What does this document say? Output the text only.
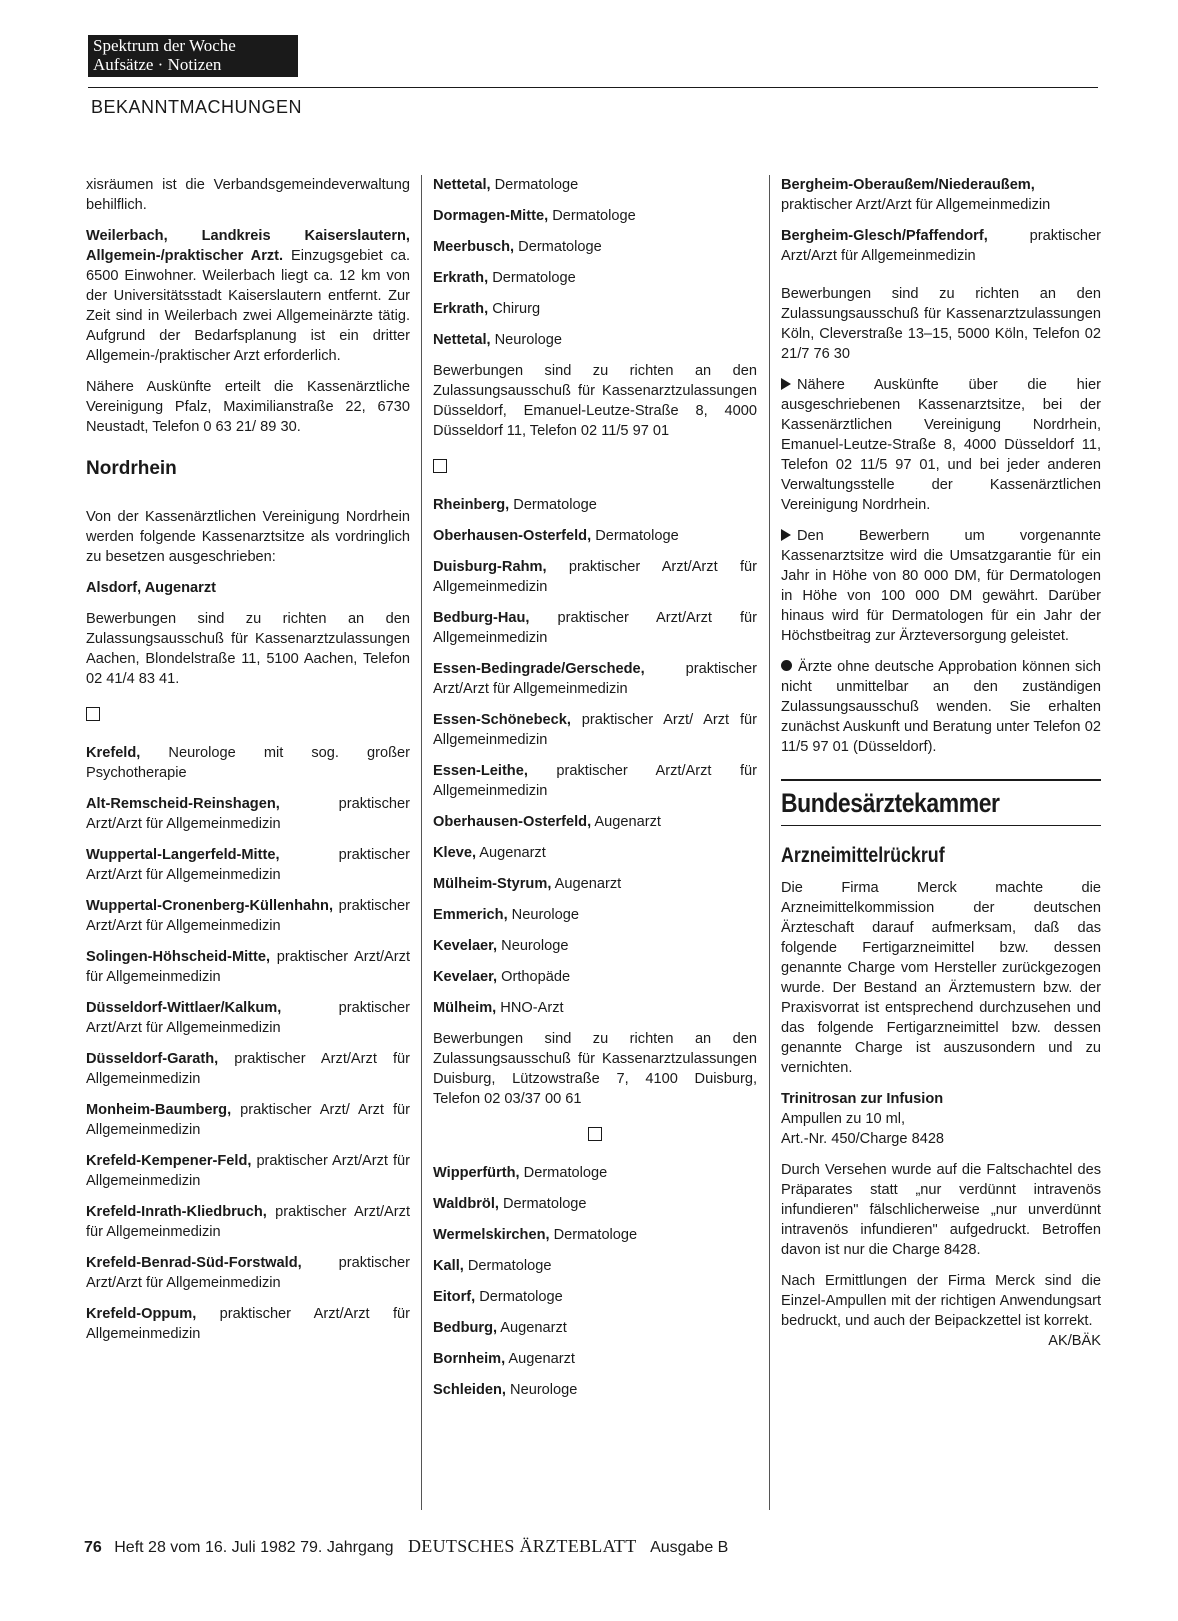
Spektrum der Woche
Aufsätze · Notizen
BEKANNTMACHUNGEN

xisräumen ist die Verbandsgemeindeverwaltung behilflich.

Weilerbach, Landkreis Kaiserslautern, Allgemein-/praktischer Arzt. Einzugsgebiet ca. 6500 Einwohner. Weilerbach liegt ca. 12 km von der Universitätsstadt Kaiserslautern entfernt. Zur Zeit sind in Weilerbach zwei Allgemeinärzte tätig. Aufgrund der Bedarfsplanung ist ein dritter Allgemein-/praktischer Arzt erforderlich.

Nähere Auskünfte erteilt die Kassenärztliche Vereinigung Pfalz, Maximilianstraße 22, 6730 Neustadt, Telefon 0 63 21/ 89 30.

Nordrhein

Von der Kassenärztlichen Vereinigung Nordrhein werden folgende Kassenarztsitze als vordringlich zu besetzen ausgeschrieben:

Alsdorf, Augenarzt

Bewerbungen sind zu richten an den Zulassungsausschuß für Kassenarztzulassungen Aachen, Blondelstraße 11, 5100 Aachen, Telefon 02 41/4 83 41.

Krefeld, Neurologe mit sog. großer Psychotherapie

Alt-Remscheid-Reinshagen, praktischer Arzt/Arzt für Allgemeinmedizin

Wuppertal-Langerfeld-Mitte, praktischer Arzt/Arzt für Allgemeinmedizin

Wuppertal-Cronenberg-Küllenhahn, praktischer Arzt/Arzt für Allgemeinmedizin

Solingen-Höhscheid-Mitte, praktischer Arzt/Arzt für Allgemeinmedizin

Düsseldorf-Wittlaer/Kalkum, praktischer Arzt/Arzt für Allgemeinmedizin

Düsseldorf-Garath, praktischer Arzt/Arzt für Allgemeinmedizin

Monheim-Baumberg, praktischer Arzt/ Arzt für Allgemeinmedizin

Krefeld-Kempener-Feld, praktischer Arzt/Arzt für Allgemeinmedizin

Krefeld-Inrath-Kliedbruch, praktischer Arzt/Arzt für Allgemeinmedizin

Krefeld-Benrad-Süd-Forstwald, praktischer Arzt/Arzt für Allgemeinmedizin

Krefeld-Oppum, praktischer Arzt/Arzt für Allgemeinmedizin

Nettetal, Dermatologe

Dormagen-Mitte, Dermatologe

Meerbusch, Dermatologe

Erkrath, Dermatologe

Erkrath, Chirurg

Nettetal, Neurologe

Bewerbungen sind zu richten an den Zulassungsausschuß für Kassenarztzulassungen Düsseldorf, Emanuel-Leutze-Straße 8, 4000 Düsseldorf 11, Telefon 02 11/5 97 01

Rheinberg, Dermatologe

Oberhausen-Osterfeld, Dermatologe

Duisburg-Rahm, praktischer Arzt/Arzt für Allgemeinmedizin

Bedburg-Hau, praktischer Arzt/Arzt für Allgemeinmedizin

Essen-Bedingrade/Gerschede, praktischer Arzt/Arzt für Allgemeinmedizin

Essen-Schönebeck, praktischer Arzt/ Arzt für Allgemeinmedizin

Essen-Leithe, praktischer Arzt/Arzt für Allgemeinmedizin

Oberhausen-Osterfeld, Augenarzt

Kleve, Augenarzt

Mülheim-Styrum, Augenarzt

Emmerich, Neurologe

Kevelaer, Neurologe

Kevelaer, Orthopäde

Mülheim, HNO-Arzt

Bewerbungen sind zu richten an den Zulassungsausschuß für Kassenarztzulassungen Duisburg, Lützowstraße 7, 4100 Duisburg, Telefon 02 03/37 00 61

Wipperfürth, Dermatologe

Waldbröl, Dermatologe

Wermelskirchen, Dermatologe

Kall, Dermatologe

Eitorf, Dermatologe

Bedburg, Augenarzt

Bornheim, Augenarzt

Schleiden, Neurologe

Bergheim-Oberaußem/Niederaußem, praktischer Arzt/Arzt für Allgemeinmedizin

Bergheim-Glesch/Pfaffendorf, praktischer Arzt/Arzt für Allgemeinmedizin

Bewerbungen sind zu richten an den Zulassungsausschuß für Kassenarztzulassungen Köln, Cleverstraße 13–15, 5000 Köln, Telefon 02 21/7 76 30

Nähere Auskünfte über die hier ausgeschriebenen Kassenarztsitze, bei der Kassenärztlichen Vereinigung Nordrhein, Emanuel-Leutze-Straße 8, 4000 Düsseldorf 11, Telefon 02 11/5 97 01, und bei jeder anderen Verwaltungsstelle der Kassenärztlichen Vereinigung Nordrhein.

Den Bewerbern um vorgenannte Kassenarztsitze wird die Umsatzgarantie für ein Jahr in Höhe von 80 000 DM, für Dermatologen in Höhe von 100 000 DM gewährt. Darüber hinaus wird für Dermatologen für ein Jahr der Höchstbeitrag zur Ärzteversorgung geleistet.

Ärzte ohne deutsche Approbation können sich nicht unmittelbar an den zuständigen Zulassungsausschuß wenden. Sie erhalten zunächst Auskunft und Beratung unter Telefon 02 11/5 97 01 (Düsseldorf).

Bundesärztekammer
Arzneimittelrückruf

Die Firma Merck machte die Arzneimittelkommission der deutschen Ärzteschaft darauf aufmerksam, daß das folgende Fertigarzneimittel bzw. dessen genannte Charge vom Hersteller zurückgezogen wurde. Der Bestand an Ärztemustern bzw. der Praxisvorrat ist entsprechend durchzusehen und das folgende Fertigarzneimittel bzw. dessen genannte Charge ist auszusondern und zu vernichten.

Trinitrosan zur Infusion

Ampullen zu 10 ml,

Art.-Nr. 450/Charge 8428

Durch Versehen wurde auf die Faltschachtel des Präparates statt „nur verdünnt intravenös infundieren" fälschlicherweise „nur unverdünnt intravenös infundieren" aufgedruckt. Betroffen davon ist nur die Charge 8428.

Nach Ermittlungen der Firma Merck sind die Einzel-Ampullen mit der richtigen Anwendungsart bedruckt, und auch der Beipackzettel ist korrekt.
AK/BÄK

76 Heft 28 vom 16. Juli 1982 79. Jahrgang DEUTSCHES ÄRZTEBLATT Ausgabe B
